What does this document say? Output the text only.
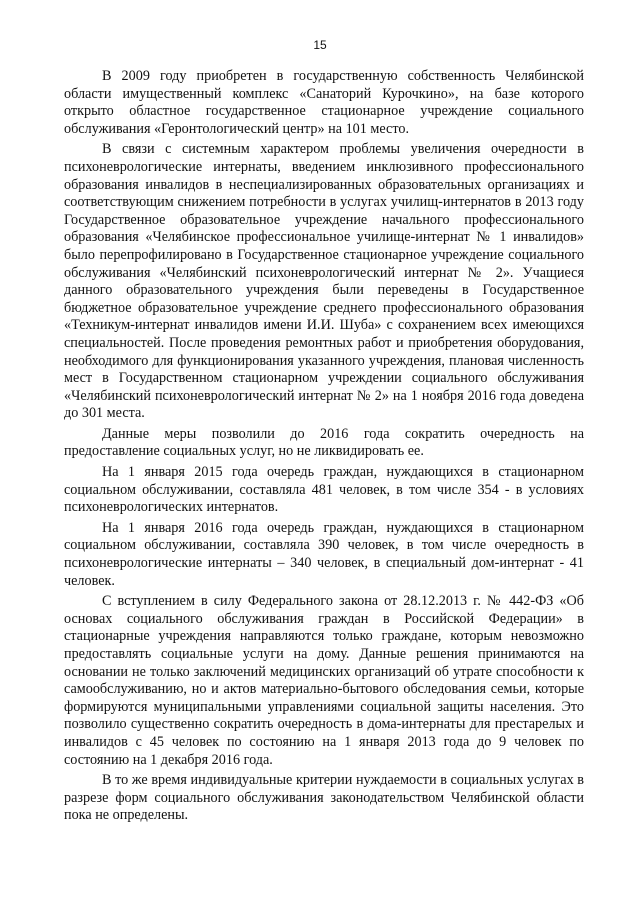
15

В 2009 году приобретен в государственную собственность Челябинской области имущественный комплекс «Санаторий Курочкино», на базе которого открыто областное государственное стационарное учреждение социального обслуживания «Геронтологический центр» на 101 место.

В связи с системным характером проблемы увеличения очередности в психоневрологические интернаты, введением инклюзивного профессионального образования инвалидов в неспециализированных образовательных организациях и соответствующим снижением потребности в услугах училищ-интернатов в 2013 году Государственное образовательное учреждение начального профессионального образования «Челябинское профессиональное училище-интернат № 1 инвалидов» было перепрофилировано в Государственное стационарное учреждение социального обслуживания «Челябинский психоневрологический интернат № 2». Учащиеся данного образовательного учреждения были переведены в Государственное бюджетное образовательное учреждение среднего профессионального образования «Техникум-интернат инвалидов имени И.И. Шуба» с сохранением всех имеющихся специальностей. После проведения ремонтных работ и приобретения оборудования, необходимого для функционирования указанного учреждения, плановая численность мест в Государственном стационарном учреждении социального обслуживания «Челябинский психоневрологический интернат № 2» на 1 ноября 2016 года доведена до 301 места.

Данные меры позволили до 2016 года сократить очередность на предоставление социальных услуг, но не ликвидировать ее.

На 1 января 2015 года очередь граждан, нуждающихся в стационарном социальном обслуживании, составляла 481 человек, в том числе 354 - в условиях психоневрологических интернатов.

На 1 января 2016 года очередь граждан, нуждающихся в стационарном социальном обслуживании, составляла 390 человек, в том числе очередность в психоневрологические интернаты – 340 человек, в специальный дом-интернат - 41 человек.

С вступлением в силу Федерального закона от 28.12.2013 г. № 442-ФЗ «Об основах социального обслуживания граждан в Российской Федерации» в стационарные учреждения направляются только граждане, которым невозможно предоставлять социальные услуги на дому. Данные решения принимаются на основании не только заключений медицинских организаций об утрате способности к самообслуживанию, но и актов материально-бытового обследования семьи, которые формируются муниципальными управлениями социальной защиты населения. Это позволило существенно сократить очередность в дома-интернаты для престарелых и инвалидов с 45 человек по состоянию на 1 января 2013 года до 9 человек по состоянию на 1 декабря 2016 года.

В то же время индивидуальные критерии нуждаемости в социальных услугах в разрезе форм социального обслуживания законодательством Челябинской области пока не определены.
